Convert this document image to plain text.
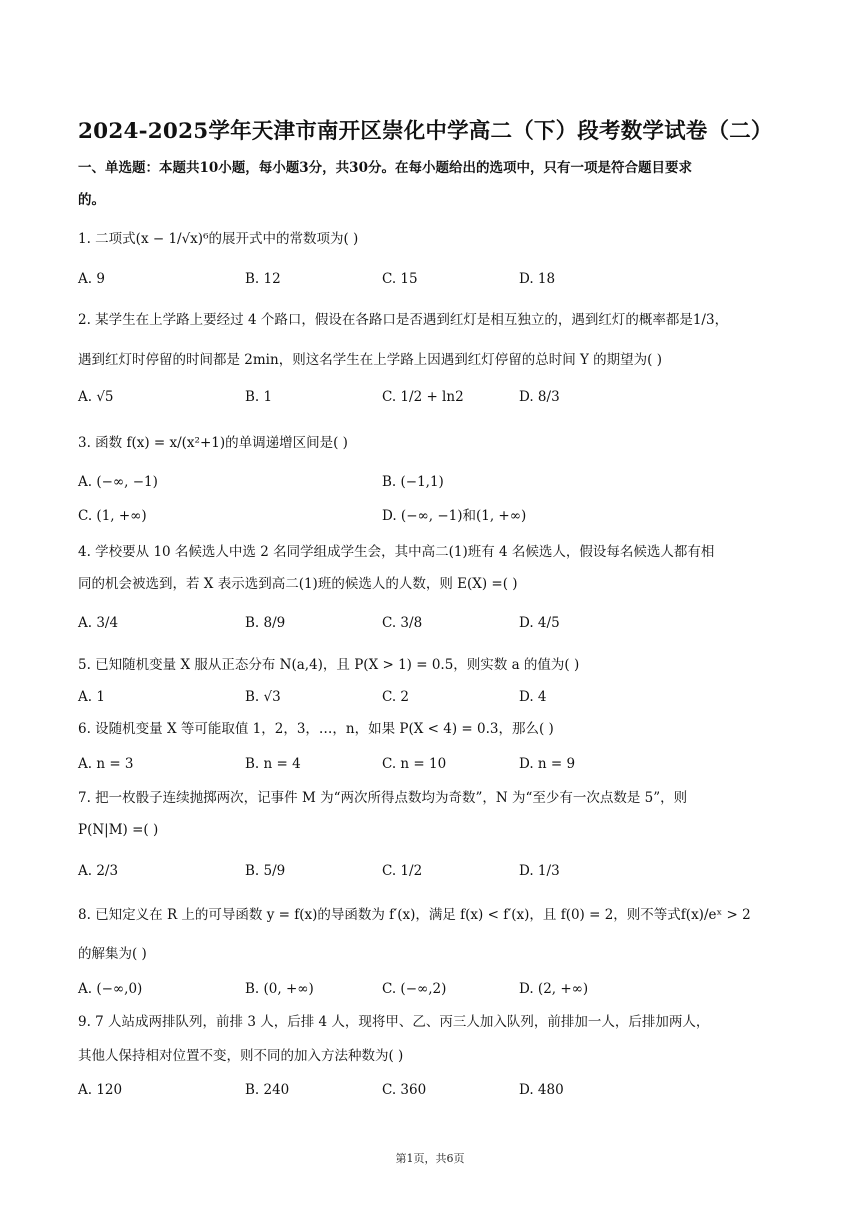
2024-2025学年天津市南开区崇化中学高二（下）段考数学试卷（二）
一、单选题：本题共10小题，每小题3分，共30分。在每小题给出的选项中，只有一项是符合题目要求
的。
1. 二项式(x − 1/√x)⁶的展开式中的常数项为( )
A. 9	B. 12	C. 15	D. 18
2. 某学生在上学路上要经过 4 个路口，假设在各路口是否遇到红灯是相互独立的，遇到红灯的概率都是1/3，
遇到红灯时停留的时间都是 2min，则这名学生在上学路上因遇到红灯停留的总时间 Y 的期望为( )
A. √5	B. 1	C. 1/2 + ln2	D. 8/3
3. 函数 f(x) = x/(x²+1)的单调递增区间是( )
A. (−∞, −1)	B. (−1,1)
C. (1, +∞)	D. (−∞, −1)和(1, +∞)
4. 学校要从 10 名候选人中选 2 名同学组成学生会，其中高二(1)班有 4 名候选人，假设每名候选人都有相
同的机会被选到，若 X 表示选到高二(1)班的候选人的人数，则 E(X) =( )
A. 3/4	B. 8/9	C. 3/8	D. 4/5
5. 已知随机变量 X 服从正态分布 N(a,4)，且 P(X > 1) = 0.5，则实数 a 的值为( )
A. 1	B. √3	C. 2	D. 4
6. 设随机变量 X 等可能取值 1，2，3，…，n，如果 P(X < 4) = 0.3，那么( )
A. n = 3	B. n = 4	C. n = 10	D. n = 9
7. 把一枚骰子连续抛掷两次，记事件 M 为“两次所得点数均为奇数”，N 为“至少有一次点数是 5”，则
P(N|M) =( )
A. 2/3	B. 5/9	C. 1/2	D. 1/3
8. 已知定义在 R 上的可导函数 y = f(x)的导函数为 f′(x)，满足 f(x) < f′(x)，且 f(0) = 2，则不等式f(x)/eˣ > 2
的解集为( )
A. (−∞,0)	B. (0, +∞)	C. (−∞,2)	D. (2, +∞)
9. 7 人站成两排队列，前排 3 人，后排 4 人，现将甲、乙、丙三人加入队列，前排加一人，后排加两人，
其他人保持相对位置不变，则不同的加入方法种数为( )
A. 120	B. 240	C. 360	D. 480
第1页，共6页
